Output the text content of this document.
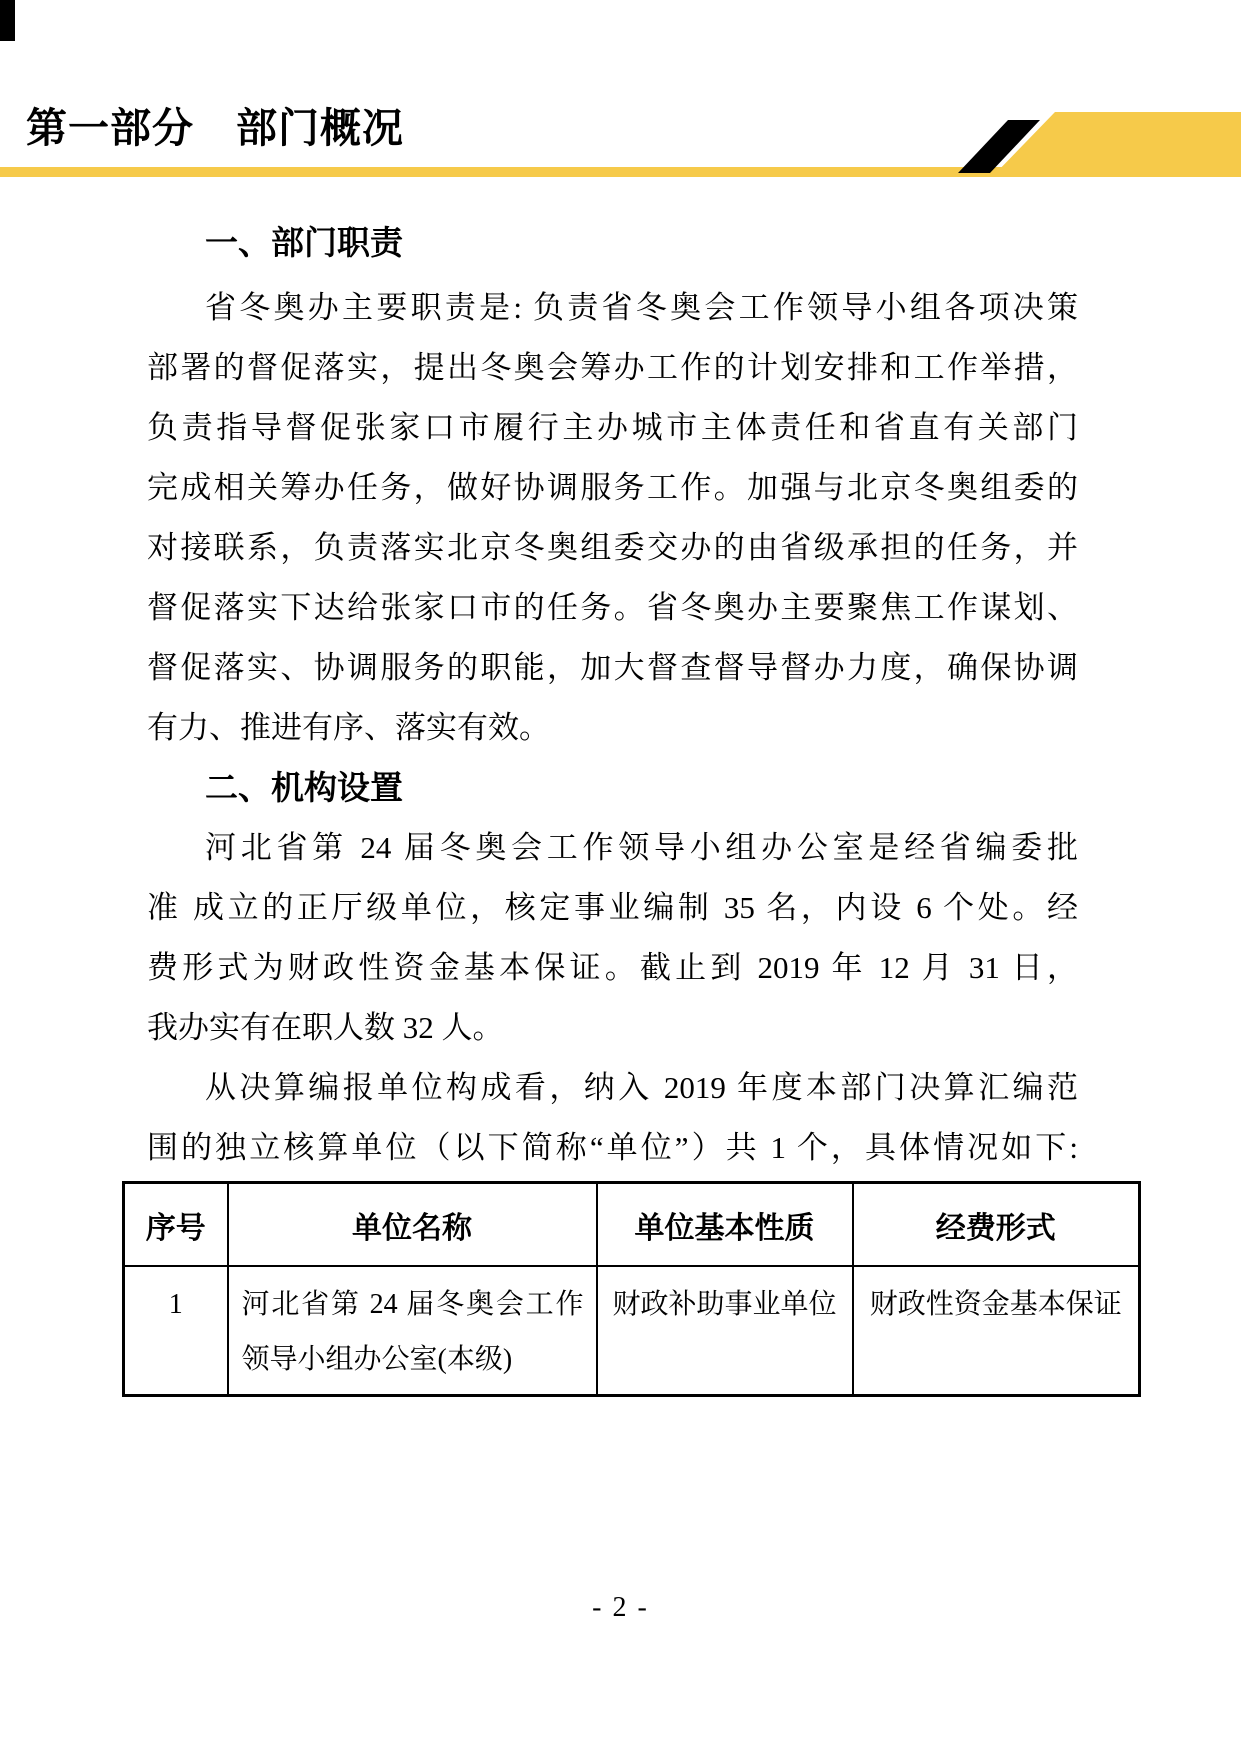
第一部分　部门概况
一、部门职责
省冬奥办主要职责是: 负责省冬奥会工作领导小组各项决策
部署的督促落实，提出冬奥会筹办工作的计划安排和工作举措，
负责指导督促张家口市履行主办城市主体责任和省直有关部门
完成相关筹办任务，做好协调服务工作。加强与北京冬奥组委的
对接联系，负责落实北京冬奥组委交办的由省级承担的任务，并
督促落实下达给张家口市的任务。省冬奥办主要聚焦工作谋划、
督促落实、协调服务的职能，加大督查督导督办力度，确保协调
有力、推进有序、落实有效。
二、机构设置
河北省第 24 届冬奥会工作领导小组办公室是经省编委批
准 成立的正厅级单位，核定事业编制 35 名，内设 6 个处。经
费形式为财政性资金基本保证。截止到 2019 年 12 月 31 日，
我办实有在职人数 32 人。
从决算编报单位构成看，纳入 2019 年度本部门决算汇编范
围的独立核算单位（以下简称“单位”）共 1 个，具体情况如下:
序号	单位名称	单位基本性质	经费形式
1	河北省第 24 届冬奥会工作领导小组办公室(本级)	财政补助事业单位	财政性资金基本保证
- 2 -
